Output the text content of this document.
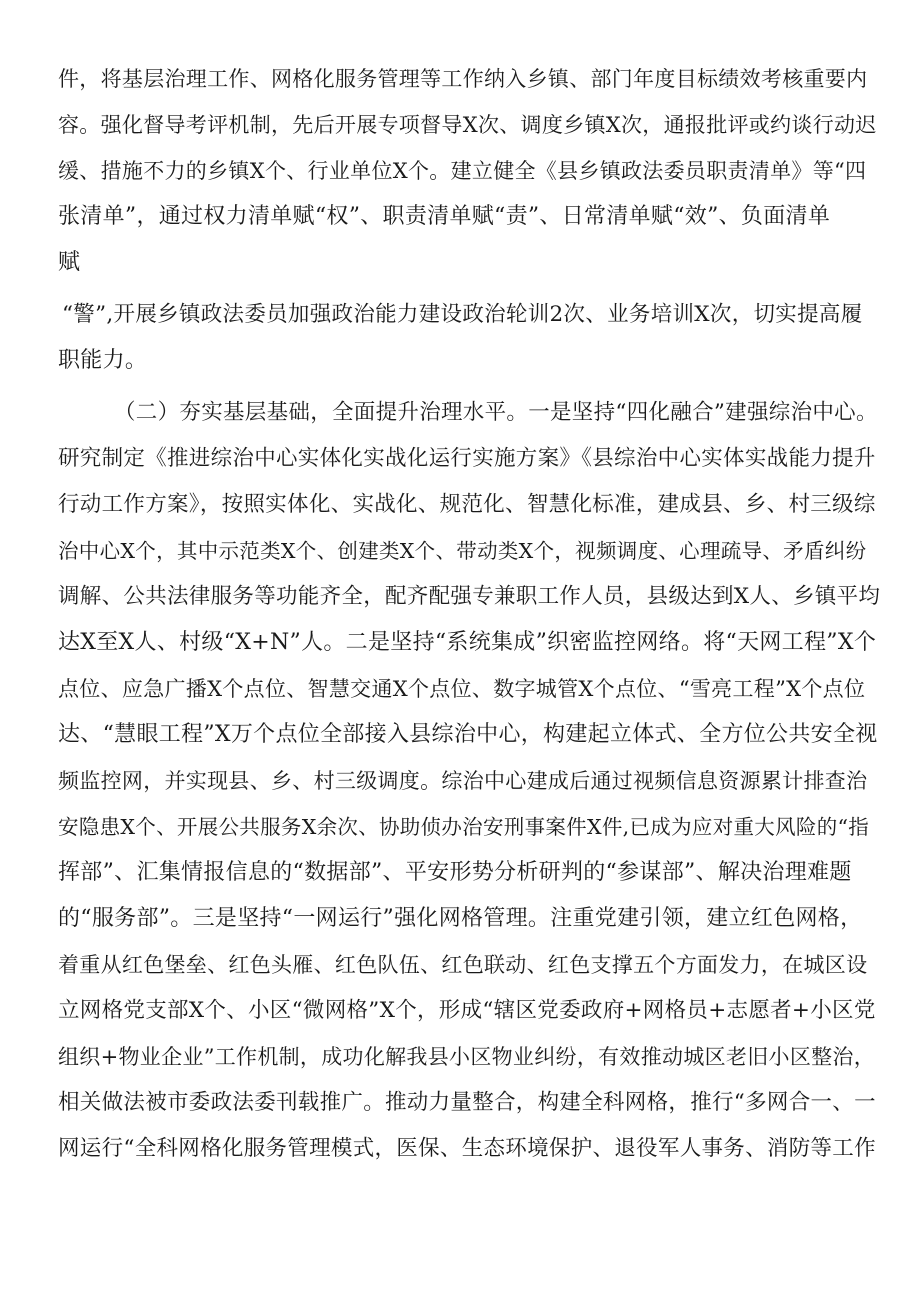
件，将基层治理工作、网格化服务管理等工作纳入乡镇、部门年度目标绩效考核重要内
容。强化督导考评机制，先后开展专项督导X次、调度乡镇X次，通报批评或约谈行动迟
缓、措施不力的乡镇X个、行业单位X个。建立健全《县乡镇政法委员职责清单》等“四
张清单”，通过权力清单赋“权”、职责清单赋“责”、日常清单赋“效”、负面清单
赋
“警”,开展乡镇政法委员加强政治能力建设政治轮训2次、业务培训X次，切实提高履
职能力。
（二）夯实基层基础，全面提升治理水平。一是坚持“四化融合”建强综治中心。
研究制定《推进综治中心实体化实战化运行实施方案》《县综治中心实体实战能力提升
行动工作方案》，按照实体化、实战化、规范化、智慧化标准，建成县、乡、村三级综
治中心X个，其中示范类X个、创建类X个、带动类X个，视频调度、心理疏导、矛盾纠纷
调解、公共法律服务等功能齐全，配齐配强专兼职工作人员，县级达到X人、乡镇平均
达X至X人、村级“X+N”人。二是坚持“系统集成”织密监控网络。将“天网工程”X个
点位、应急广播X个点位、智慧交通X个点位、数字城管X个点位、“雪亮工程”X个点位
达、“慧眼工程”X万个点位全部接入县综治中心，构建起立体式、全方位公共安全视
频监控网，并实现县、乡、村三级调度。综治中心建成后通过视频信息资源累计排查治
安隐患X个、开展公共服务X余次、协助侦办治安刑事案件X件,已成为应对重大风险的“指
挥部”、汇集情报信息的“数据部”、平安形势分析研判的“参谋部”、解决治理难题
的“服务部”。三是坚持“一网运行”强化网格管理。注重党建引领，建立红色网格，
着重从红色堡垒、红色头雁、红色队伍、红色联动、红色支撑五个方面发力，在城区设
立网格党支部X个、小区“微网格”X个，形成“辖区党委政府+网格员+志愿者+小区党
组织+物业企业”工作机制，成功化解我县小区物业纠纷，有效推动城区老旧小区整治，
相关做法被市委政法委刊载推广。推动力量整合，构建全科网格，推行“多网合一、一
网运行“全科网格化服务管理模式，医保、生态环境保护、退役军人事务、消防等工作
